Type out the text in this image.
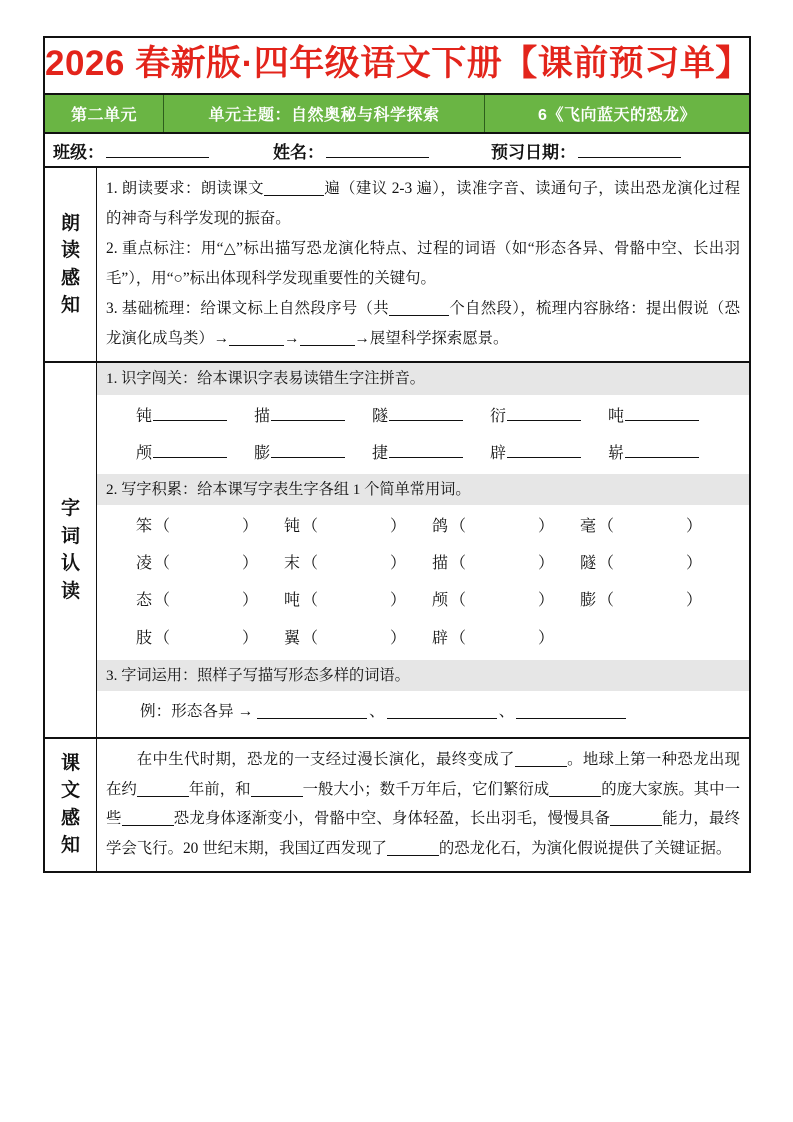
2026 春新版·四年级语文下册【课前预习单】
第二单元	单元主题：自然奥秘与科学探索	6《飞向蓝天的恐龙》
班级：	姓名：	预习日期：
朗
读
感
知

1. 朗读要求：朗读课文	遍（建议 2-3 遍），读准字音、读通句子，读出恐龙演化过程的神奇与科学发现的振奋。

2. 重点标注：用“△”标出描写恐龙演化特点、过程的词语（如“形态各异、骨骼中空、长出羽毛”），用“○”标出体现科学发现重要性的关键句。

3. 基础梳理：给课文标上自然段序号（共	个自然段），梳理内容脉络：提出假说（恐龙演化成鸟类）→	→	→展望科学探索愿景。

字
词
认
读
1. 识字闯关：给本课识字表易读错生字注拼音。
钝	描	隧	衍	吨
颅	膨	捷	辟	崭
2. 写字积累：给本课写字表生字各组 1 个简单常用词。
笨 （	）	钝 （	）	鸽 （	）	毫 （	）
凌 （	）	末 （	）	描 （	）	隧 （	）
态 （	）	吨 （	）	颅 （	）	膨 （	）
肢 （	）	翼 （	）	辟 （	）
3. 字词运用：照样子写描写形态多样的词语。
例：形态各异 →	、	、
课
文
感
知

在中生代时期，恐龙的一支经过漫长演化，最终变成了	。地球上第一种恐龙出现在约	年前，和	一般大小；数千万年后，它们繁衍成	的庞大家族。其中一些	恐龙身体逐渐变小，骨骼中空、身体轻盈，长出羽毛，慢慢具备	能力，最终学会飞行。20 世纪末期，我国辽西发现了	的恐龙化石，为演化假说提供了关键证据。
